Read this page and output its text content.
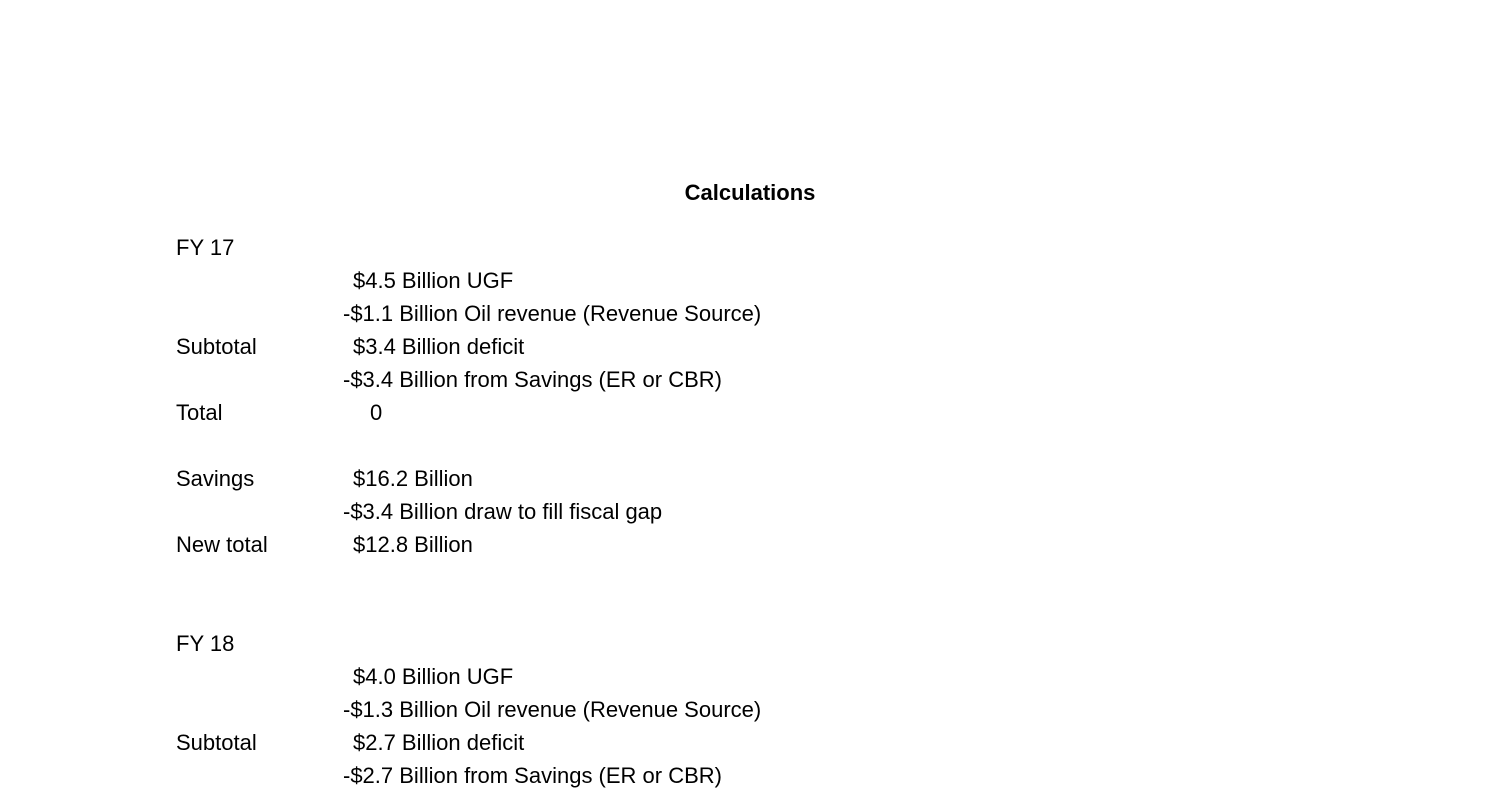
Calculations
FY 17
$4.5 Billion UGF
-$1.1 Billion Oil revenue (Revenue Source)
Subtotal	$3.4 Billion deficit
-$3.4 Billion from Savings (ER or CBR)
Total	0
Savings	$16.2 Billion
-$3.4 Billion draw to fill fiscal gap
New total	$12.8 Billion
FY 18
$4.0 Billion UGF
-$1.3 Billion Oil revenue (Revenue Source)
Subtotal	$2.7 Billion deficit
-$2.7 Billion from Savings (ER or CBR)
